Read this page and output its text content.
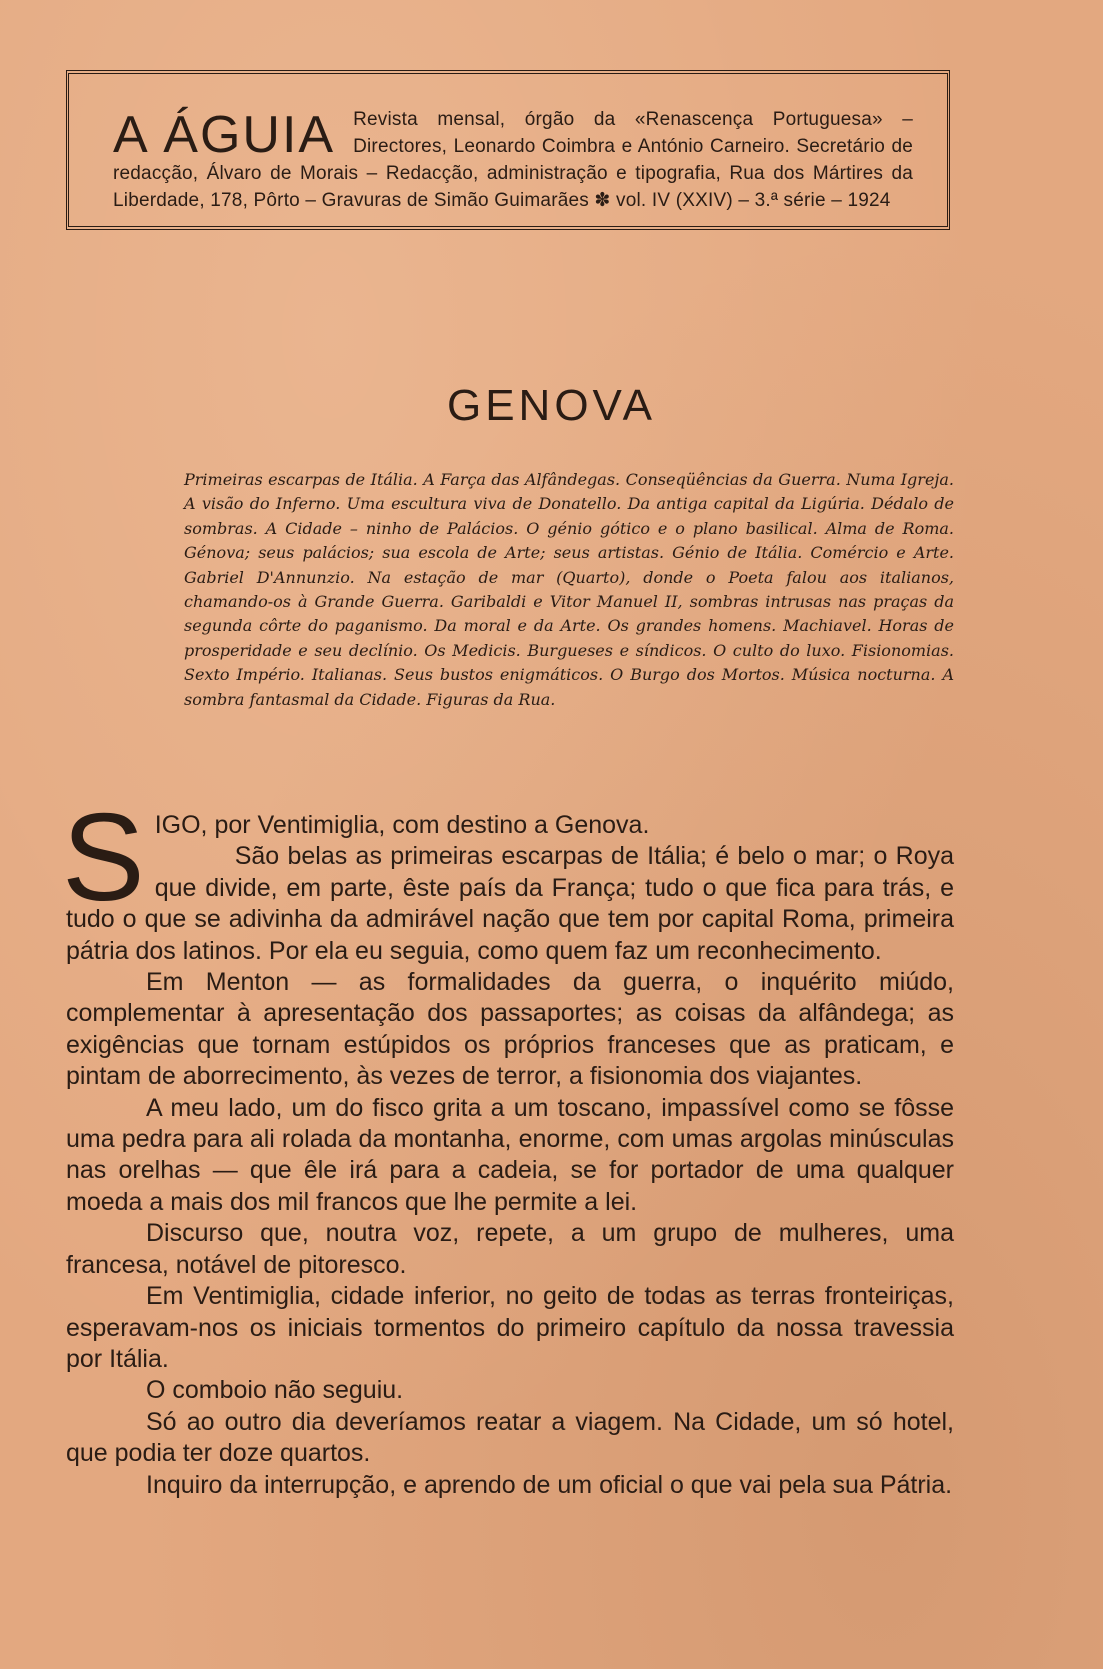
A ÁGUIA Revista mensal, órgão da «Renascença Portuguesa» – Directores, Leonardo Coimbra e António Carneiro. Secretário de redacção, Álvaro de Morais – Redacção, administração e tipografia, Rua dos Mártires da Liberdade, 178, Pôrto – Gravuras de Simão Guimarães ✽ vol. IV (XXIV) – 3.ª série – 1924
GENOVA
Primeiras escarpas de Itália. A Farça das Alfândegas. Conseqüências da Guerra. Numa Igreja. A visão do Inferno. Uma escultura viva de Donatello. Da antiga capital da Ligúria. Dédalo de sombras. A Cidade – ninho de Palácios. O génio gótico e o plano basilical. Alma de Roma. Génova; seus palácios; sua escola de Arte; seus artistas. Génio de Itália. Comércio e Arte. Gabriel D'Annunzio. Na estação de mar (Quarto), donde o Poeta falou aos italianos, chamando-os à Grande Guerra. Garibaldi e Vitor Manuel II, sombras intrusas nas praças da segunda côrte do paganismo. Da moral e da Arte. Os grandes homens. Machiavel. Horas de prosperidade e seu declínio. Os Medicis. Burgueses e síndicos. O culto do luxo. Fisionomias. Sexto Império. Italianas. Seus bustos enigmáticos. O Burgo dos Mortos. Música nocturna. A sombra fantasmal da Cidade. Figuras da Rua.
S IGO, por Ventimiglia, com destino a Genova.

São belas as primeiras escarpas de Itália; é belo o mar; o Roya que divide, em parte, êste país da França; tudo o que fica para trás, e tudo o que se adivinha da admirável nação que tem por capital Roma, primeira pátria dos latinos. Por ela eu seguia, como quem faz um reconhecimento.

Em Menton — as formalidades da guerra, o inquérito miúdo, complementar à apresentação dos passaportes; as coisas da alfândega; as exigências que tornam estúpidos os próprios franceses que as praticam, e pintam de aborrecimento, às vezes de terror, a fisionomia dos viajantes.

A meu lado, um do fisco grita a um toscano, impassível como se fôsse uma pedra para ali rolada da montanha, enorme, com umas argolas minúsculas nas orelhas — que êle irá para a cadeia, se for portador de uma qualquer moeda a mais dos mil francos que lhe permite a lei.

Discurso que, noutra voz, repete, a um grupo de mulheres, uma francesa, notável de pitoresco.

Em Ventimiglia, cidade inferior, no geito de todas as terras fronteiriças, esperavam-nos os iniciais tormentos do primeiro capítulo da nossa travessia por Itália.

O comboio não seguiu.

Só ao outro dia deveríamos reatar a viagem. Na Cidade, um só hotel, que podia ter doze quartos.

Inquiro da interrupção, e aprendo de um oficial o que vai pela sua Pátria.
